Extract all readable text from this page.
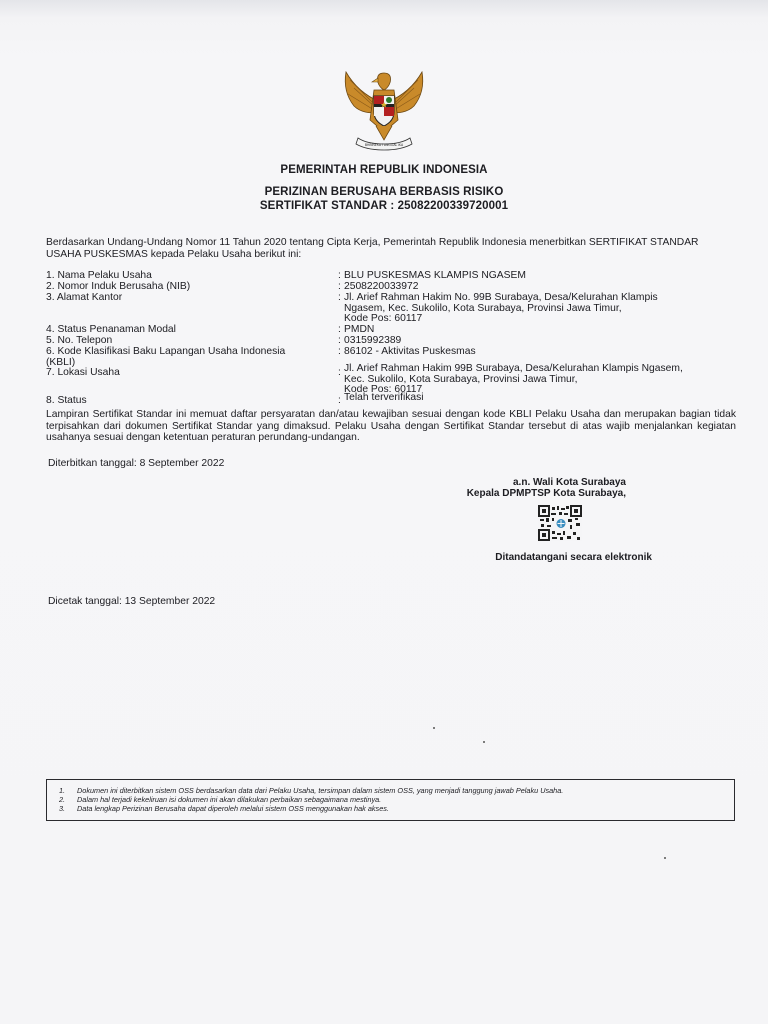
BHINNEKA TUNGGAL IKA
PEMERINTAH REPUBLIK INDONESIA
PERIZINAN BERUSAHA BERBASIS RISIKO
SERTIFIKAT STANDAR : 25082200339720001
Berdasarkan Undang-Undang Nomor 11 Tahun 2020 tentang Cipta Kerja, Pemerintah Republik Indonesia menerbitkan SERTIFIKAT STANDAR USAHA PUSKESMAS kepada Pelaku Usaha berikut ini:
1. Nama Pelaku Usaha	: BLU PUSKESMAS KLAMPIS NGASEM
2. Nomor Induk Berusaha (NIB)	: 2508220033972
3. Alamat Kantor	: Jl. Arief Rahman Hakim No. 99B Surabaya, Desa/Kelurahan Klampis
Ngasem, Kec. Sukolilo, Kota Surabaya, Provinsi Jawa Timur,
Kode Pos: 60117
4. Status Penanaman Modal	: PMDN
5. No. Telepon	: 0315992389
6. Kode Klasifikasi Baku Lapangan Usaha Indonesia
(KBLI)
: 86102 - Aktivitas Puskesmas
7. Lokasi Usaha	: Jl. Arief Rahman Hakim 99B Surabaya, Desa/Kelurahan Klampis Ngasem,
Kec. Sukolilo, Kota Surabaya, Provinsi Jawa Timur,
Kode Pos: 60117
8. Status	: Telah terverifikasi
Lampiran Sertifikat Standar ini memuat daftar persyaratan dan/atau kewajiban sesuai dengan kode KBLI Pelaku Usaha dan merupakan bagian tidak terpisahkan dari dokumen Sertifikat Standar yang dimaksud. Pelaku Usaha dengan Sertifikat Standar tersebut di atas wajib menjalankan kegiatan usahanya sesuai dengan ketentuan peraturan perundang-undangan.
Diterbitkan tanggal: 8 September 2022
a.n. Wali Kota Surabaya
Kepala DPMPTSP Kota Surabaya,
Ditandatangani secara elektronik
Dicetak tanggal: 13 September 2022
1.	Dokumen ini diterbitkan sistem OSS berdasarkan data dari Pelaku Usaha, tersimpan dalam sistem OSS, yang menjadi tanggung jawab Pelaku Usaha.
2.	Dalam hal terjadi kekeliruan isi dokumen ini akan dilakukan perbaikan sebagaimana mestinya.
3.	Data lengkap Perizinan Berusaha dapat diperoleh melalui sistem OSS menggunakan hak akses.
